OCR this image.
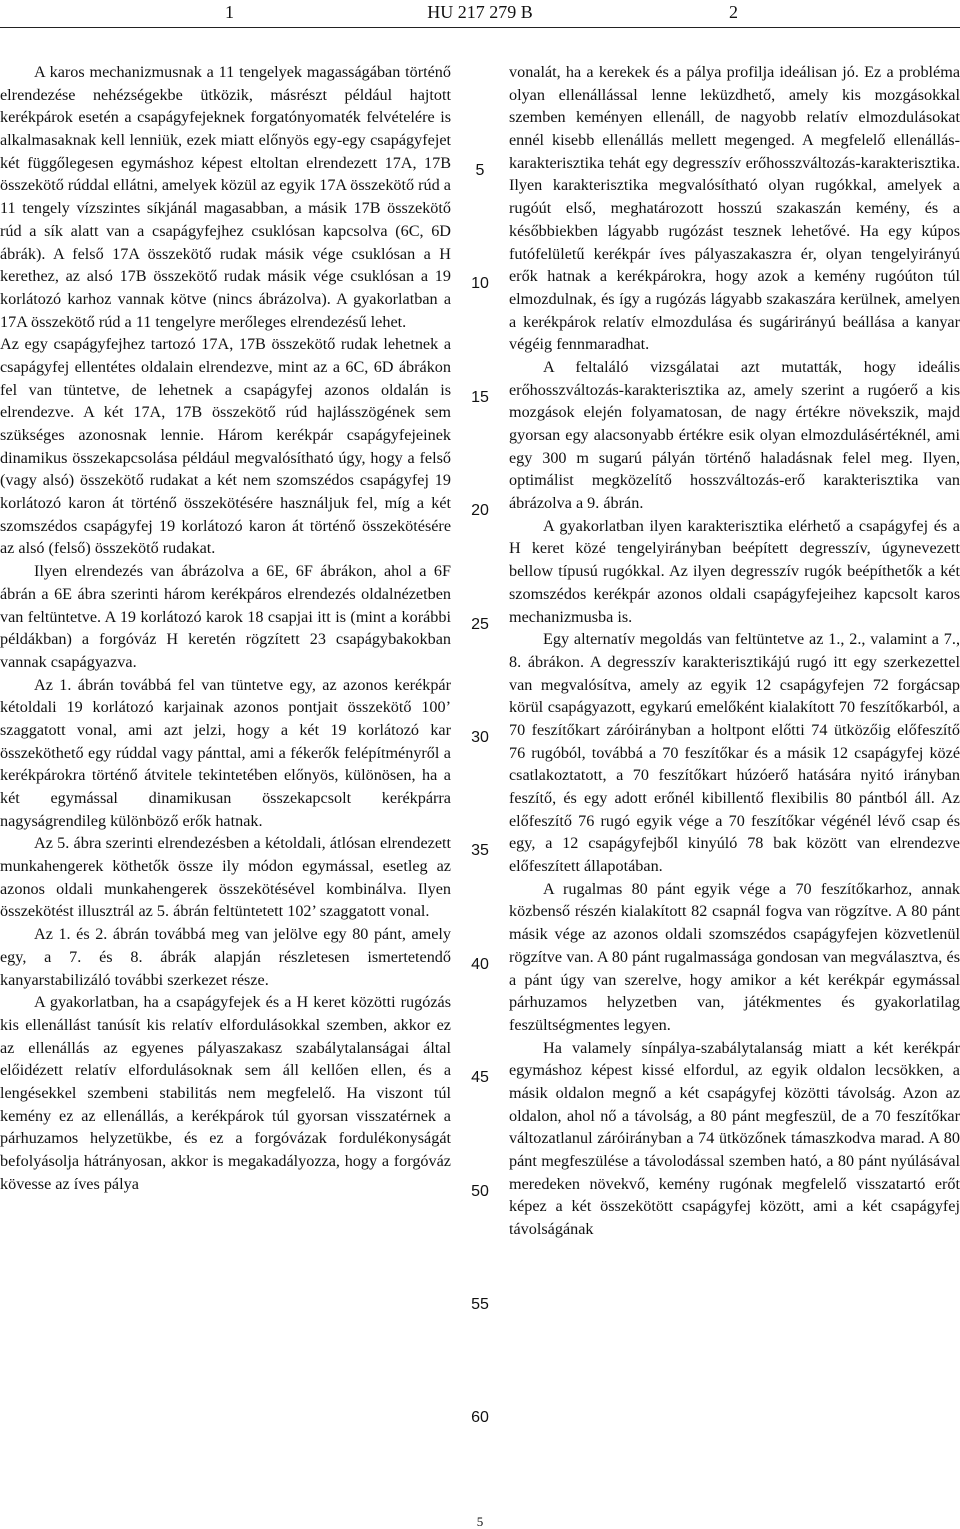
1	HU 217 279 B	2

A karos mechanizmusnak a 11 tengelyek magasságában történő elrendezése nehézségekbe ütközik, másrészt például hajtott kerékpárok esetén a csapágyfejeknek forgatónyomaték felvételére is alkalmasaknak kell lenniük, ezek miatt előnyös egy-egy csapágyfejet két függőlegesen egymáshoz képest eltoltan elrendezett 17A, 17B összekötő rúddal ellátni, amelyek közül az egyik 17A összekötő rúd a 11 tengely vízszintes síkjánál magasabban, a másik 17B összekötő rúd a sík alatt van a csapágyfejhez csuklósan kapcsolva (6C, 6D ábrák). A felső 17A összekötő rudak másik vége csuklósan a H kerethez, az alsó 17B összekötő rudak másik vége csuklósan a 19 korlátozó karhoz vannak kötve (nincs ábrázolva). A gyakorlatban a 17A összekötő rúd a 11 tengelyre merőleges elrendezésű lehet.

Az egy csapágyfejhez tartozó 17A, 17B összekötő rudak lehetnek a csapágyfej ellentétes oldalain elrendezve, mint az a 6C, 6D ábrákon fel van tüntetve, de lehetnek a csapágyfej azonos oldalán is elrendezve. A két 17A, 17B összekötő rúd hajlásszögének sem szükséges azonosnak lennie. Három kerékpár csapágyfejeinek dinamikus összekapcsolása például megvalósítható úgy, hogy a felső (vagy alsó) összekötő rudakat a két nem szomszédos csapágyfej 19 korlátozó karon át történő összekötésére használjuk fel, míg a két szomszédos csapágyfej 19 korlátozó karon át történő összekötésére az alsó (felső) összekötő rudakat.

Ilyen elrendezés van ábrázolva a 6E, 6F ábrákon, ahol a 6F ábrán a 6E ábra szerinti három kerékpáros elrendezés oldalnézetben van feltüntetve. A 19 korlátozó karok 18 csapjai itt is (mint a korábbi példákban) a forgóváz H keretén rögzített 23 csapágybakokban vannak csapágyazva.

Az 1. ábrán továbbá fel van tüntetve egy, az azonos kerékpár kétoldali 19 korlátozó karjainak azonos pontjait összekötő 100’ szaggatott vonal, ami azt jelzi, hogy a két 19 korlátozó kar összeköthető egy rúddal vagy pánttal, ami a fékerők felépítményről a kerékpárokra történő átvitele tekintetében előnyös, különösen, ha a két egymással dinamikusan összekapcsolt kerékpárra nagyságrendileg különböző erők hatnak.

Az 5. ábra szerinti elrendezésben a kétoldali, átlósan elrendezett munkahengerek köthetők össze ily módon egymással, esetleg az azonos oldali munkahengerek összekötésével kombinálva. Ilyen összekötést illusztrál az 5. ábrán feltüntetett 102’ szaggatott vonal.

Az 1. és 2. ábrán továbbá meg van jelölve egy 80 pánt, amely egy, a 7. és 8. ábrák alapján részletesen ismertetendő kanyarstabilizáló további szerkezet része.

A gyakorlatban, ha a csapágyfejek és a H keret közötti rugózás kis ellenállást tanúsít kis relatív elfordulásokkal szemben, akkor ez az ellenállás az egyenes pályaszakasz szabálytalanságai által előidézett relatív elfordulásoknak sem áll kellően ellen, és a lengésekkel szembeni stabilitás nem megfelelő. Ha viszont túl kemény ez az ellenállás, a kerékpárok túl gyorsan visszatérnek a párhuzamos helyzetükbe, és ez a forgóvázak fordulékonyságát befolyásolja hátrányosan, akkor is megakadályozza, hogy a forgóváz kövesse az íves pálya

5
10
15
20
25
30
35
40
45
50
55
60

vonalát, ha a kerekek és a pálya profilja ideálisan jó. Ez a probléma olyan ellenállással lenne leküzdhető, amely kis mozgásokkal szemben keményen ellenáll, de nagyobb relatív elmozdulásokat ennél kisebb ellenállás mellett megenged. A megfelelő ellenállás-karakterisztika tehát egy degresszív erőhosszváltozás-karakterisztika. Ilyen karakterisztika megvalósítható olyan rugókkal, amelyek a rugóút első, meghatározott hosszú szakaszán kemény, és a későbbiekben lágyabb rugózást tesznek lehetővé. Ha egy kúpos futófelületű kerékpár íves pályaszakaszra ér, olyan tengelyirányú erők hatnak a kerékpárokra, hogy azok a kemény rugóúton túl elmozdulnak, és így a rugózás lágyabb szakaszára kerülnek, amelyen a kerékpárok relatív elmozdulása és sugárirányú beállása a kanyar végéig fennmaradhat.

A feltaláló vizsgálatai azt mutatták, hogy ideális erőhosszváltozás-karakterisztika az, amely szerint a rugóerő a kis mozgások elején folyamatosan, de nagy értékre növekszik, majd gyorsan egy alacsonyabb értékre esik olyan elmozdulásértéknél, ami egy 300 m sugarú pályán történő haladásnak felel meg. Ilyen, optimálist megközelítő hosszváltozás-erő karakterisztika van ábrázolva a 9. ábrán.

A gyakorlatban ilyen karakterisztika elérhető a csapágyfej és a H keret közé tengelyirányban beépített degresszív, úgynevezett bellow típusú rugókkal. Az ilyen degresszív rugók beépíthetők a két szomszédos kerékpár azonos oldali csapágyfejeihez kapcsolt karos mechanizmusba is.

Egy alternatív megoldás van feltüntetve az 1., 2., valamint a 7., 8. ábrákon. A degresszív karakterisztikájú rugó itt egy szerkezettel van megvalósítva, amely az egyik 12 csapágyfejen 72 forgácsap körül csapágyazott, egykarú emelőként kialakított 70 feszítőkarból, a 70 feszítőkart záróirányban a holtpont előtti 74 ütközőig előfeszítő 76 rugóból, továbbá a 70 feszítőkar és a másik 12 csapágyfej közé csatlakoztatott, a 70 feszítőkart húzóerő hatására nyitó irányban feszítő, és egy adott erőnél kibillentő flexibilis 80 pántból áll. Az előfeszítő 76 rugó egyik vége a 70 feszítőkar végénél lévő csap és egy, a 12 csapágyfejből kinyúló 78 bak között van elrendezve előfeszített állapotában.

A rugalmas 80 pánt egyik vége a 70 feszítőkarhoz, annak közbenső részén kialakított 82 csapnál fogva van rögzítve. A 80 pánt másik vége az azonos oldali szomszédos csapágyfejen közvetlenül rögzítve van. A 80 pánt rugalmassága gondosan van megválasztva, és a pánt úgy van szerelve, hogy amikor a két kerékpár egymással párhuzamos helyzetben van, játékmentes és gyakorlatilag feszültségmentes legyen.

Ha valamely sínpálya-szabálytalanság miatt a két kerékpár egymáshoz képest kissé elfordul, az egyik oldalon lecsökken, a másik oldalon megnő a két csapágyfej közötti távolság. Azon az oldalon, ahol nő a távolság, a 80 pánt megfeszül, de a 70 feszítőkar változatlanul záróirányban a 74 ütközőnek támaszkodva marad. A 80 pánt megfeszülése a távolodással szemben ható, a 80 pánt nyúlásával meredeken növekvő, kemény rugónak megfelelő visszatartó erőt képez a két összekötött csapágyfej között, ami a két csapágyfej távolságának

5
